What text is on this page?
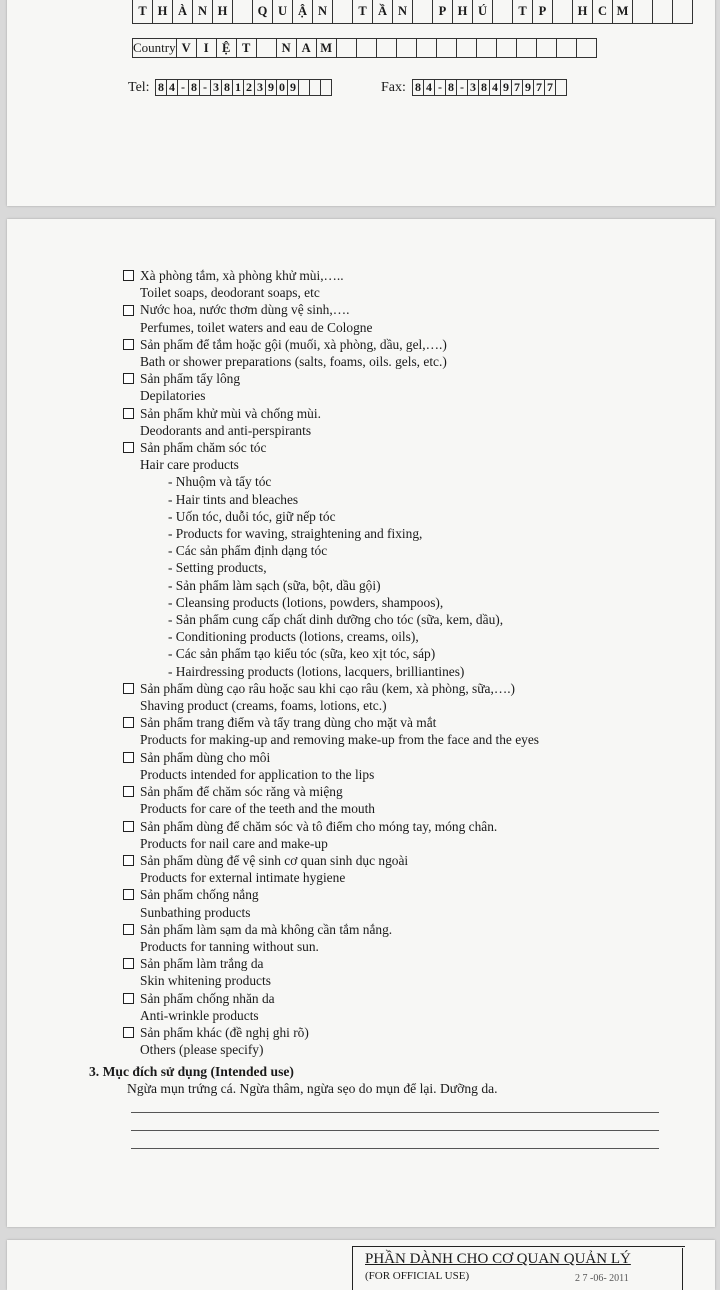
T	H	À	N	H		Q	U	Ậ	N		T	Ầ	N		P	H	Ú		T	P		H	C	M			
Country	V	I	Ệ	T		N	A	M													
Tel: 8	4	-	8	-	3	8	1	2	3	9	0	9				Fax: 8	4	-	8	-	3	8	4	9	7	9	7	7	
Xà phòng tắm, xà phòng khử mùi,…..
Toilet soaps, deodorant soaps, etc
Nước hoa, nước thơm dùng vệ sinh,….
Perfumes, toilet waters and eau de Cologne
Sản phẩm để tắm hoặc gội (muối, xà phòng, dầu, gel,….)
Bath or shower preparations (salts, foams, oils. gels, etc.)
Sản phẩm tẩy lông
Depilatories
Sản phẩm khử mùi và chống mùi.
Deodorants and anti-perspirants
Sản phẩm chăm sóc tóc
Hair care products
- Nhuộm và tẩy tóc
- Hair tints and bleaches
- Uốn tóc, duỗi tóc, giữ nếp tóc
- Products for waving, straightening and fixing,
- Các sản phẩm định dạng tóc
- Setting products,
- Sản phẩm làm sạch (sữa, bột, dầu gội)
- Cleansing products (lotions, powders, shampoos),
- Sản phẩm cung cấp chất dinh dưỡng cho tóc (sữa, kem, dầu),
- Conditioning products (lotions, creams, oils),
- Các sản phẩm tạo kiểu tóc (sữa, keo xịt tóc, sáp)
- Hairdressing products (lotions, lacquers, brilliantines)
Sản phẩm dùng cạo râu hoặc sau khi cạo râu (kem, xà phòng, sữa,….)
Shaving product (creams, foams, lotions, etc.)
Sản phẩm trang điểm và tẩy trang dùng cho mặt và mắt
Products for making-up and removing make-up from the face and the eyes
Sản phẩm dùng cho môi
Products intended for application to the lips
Sản phẩm để chăm sóc răng và miệng
Products for care of the teeth and the mouth
Sản phẩm dùng để chăm sóc và tô điểm cho móng tay, móng chân.
Products for nail care and make-up
Sản phẩm dùng để vệ sinh cơ quan sinh dục ngoài
Products for external intimate hygiene
Sản phẩm chống nắng
Sunbathing products
Sản phẩm làm sạm da mà không cần tắm nắng.
Products for tanning without sun.
Sản phẩm làm trắng da
Skin whitening products
Sản phẩm chống nhăn da
Anti-wrinkle products
Sản phẩm khác (đề nghị ghi rõ)
Others (please specify)
3. Mục đích sử dụng (Intended use)
Ngừa mụn trứng cá. Ngừa thâm, ngừa sẹo do mụn để lại. Dưỡng da.
PHẦN DÀNH CHO CƠ QUAN QUẢN LÝ
(FOR OFFICIAL USE)	2 7 -06- 2011
